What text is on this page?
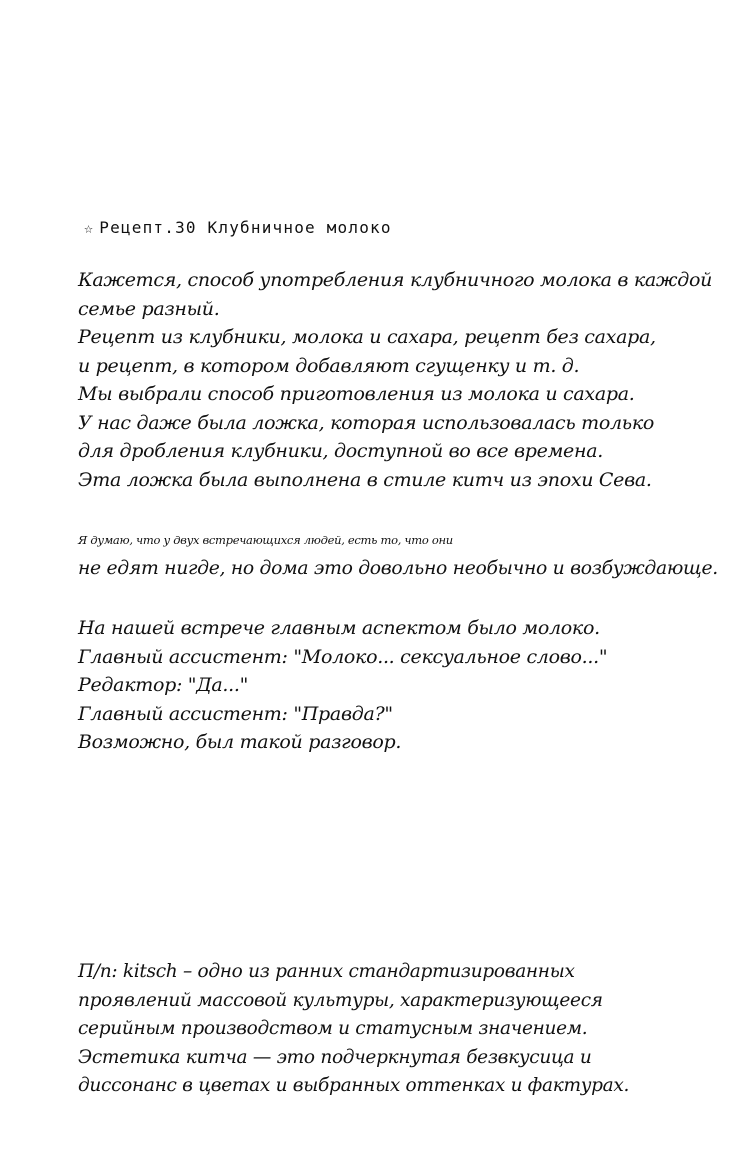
☆ Рецепт.30 Клубничное молоко
Кажется, способ употребления клубничного молока в каждой
семье разный.
Рецепт из клубники, молока и сахара, рецепт без сахара,
и рецепт, в котором добавляют сгущенку и т. д.
Мы выбрали способ приготовления из молока и сахара.
У нас даже была ложка, которая использовалась только
для дробления клубники, доступной во все времена.
Эта ложка была выполнена в стиле китч из эпохи Сева.
Я думаю, что у двух встречающихся людей, есть то, что они
не едят нигде, но дома это довольно необычно и возбуждающе.
На нашей встрече главным аспектом было молоко.
Главный ассистент: "Молоко... сексуальное слово..."
Редактор: "Да..."
Главный ассистент: "Правда?"
Возможно, был такой разговор.
П/п: kitsch – одно из ранних стандартизированных
проявлений массовой культуры, характеризующееся
серийным производством и статусным значением.
Эстетика китча — это подчеркнутая безвкусица и
диссонанс в цветах и выбранных оттенках и фактурах.
